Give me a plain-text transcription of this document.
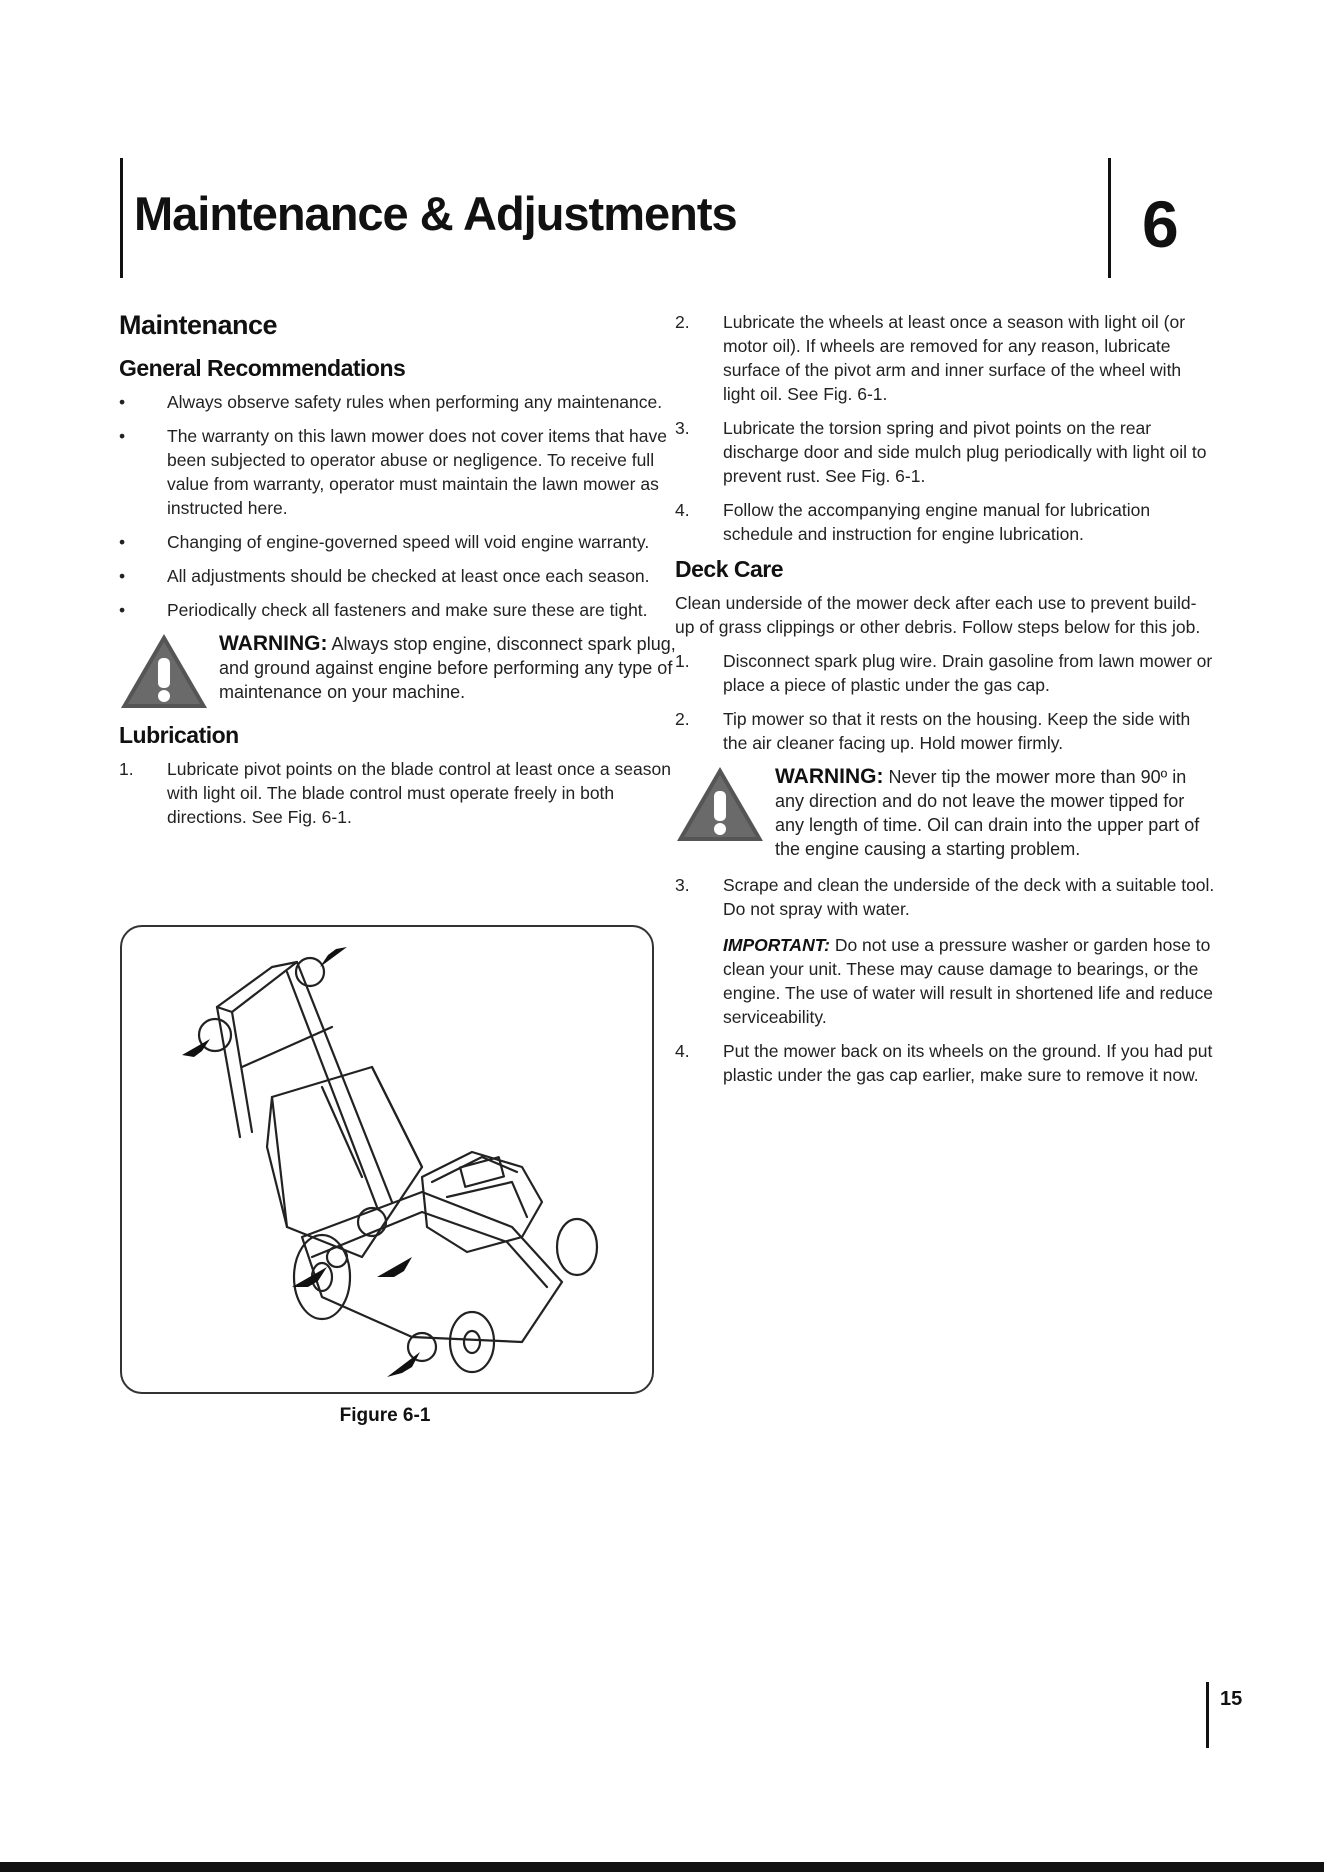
Maintenance & Adjustments	6
Maintenance
General Recommendations
• Always observe safety rules when performing any maintenance.
• The warranty on this lawn mower does not cover items that have been subjected to operator abuse or negligence. To receive full value from warranty, operator must maintain the lawn mower as instructed here.
• Changing of engine-governed speed will void engine warranty.
• All adjustments should be checked at least once each season.
• Periodically check all fasteners and make sure these are tight.
WARNING: Always stop engine, disconnect spark plug, and ground against engine before performing any type of maintenance on your machine.
Lubrication
1. Lubricate pivot points on the blade control at least once a season with light oil. The blade control must operate freely in both directions. See Fig. 6-1.
Figure 6-1
2. Lubricate the wheels at least once a season with light oil (or motor oil). If wheels are removed for any reason, lubricate surface of the pivot arm and inner surface of the wheel with light oil. See Fig. 6-1.
3. Lubricate the torsion spring and pivot points on the rear discharge door and side mulch plug periodically with light oil to prevent rust. See Fig. 6-1.
4. Follow the accompanying engine manual for lubrication schedule and instruction for engine lubrication.
Deck Care
Clean underside of the mower deck after each use to prevent build-up of grass clippings or other debris. Follow steps below for this job.
1. Disconnect spark plug wire. Drain gasoline from lawn mower or place a piece of plastic under the gas cap.
2. Tip mower so that it rests on the housing. Keep the side with the air cleaner facing up. Hold mower firmly.
WARNING: Never tip the mower more than 90º in any direction and do not leave the mower tipped for any length of time. Oil can drain into the upper part of the engine causing a starting problem.
3. Scrape and clean the underside of the deck with a suitable tool. Do not spray with water.
IMPORTANT: Do not use a pressure washer or garden hose to clean your unit. These may cause damage to bearings, or the engine. The use of water will result in shortened life and reduce serviceability.
4. Put the mower back on its wheels on the ground. If you had put plastic under the gas cap earlier, make sure to remove it now.
15
